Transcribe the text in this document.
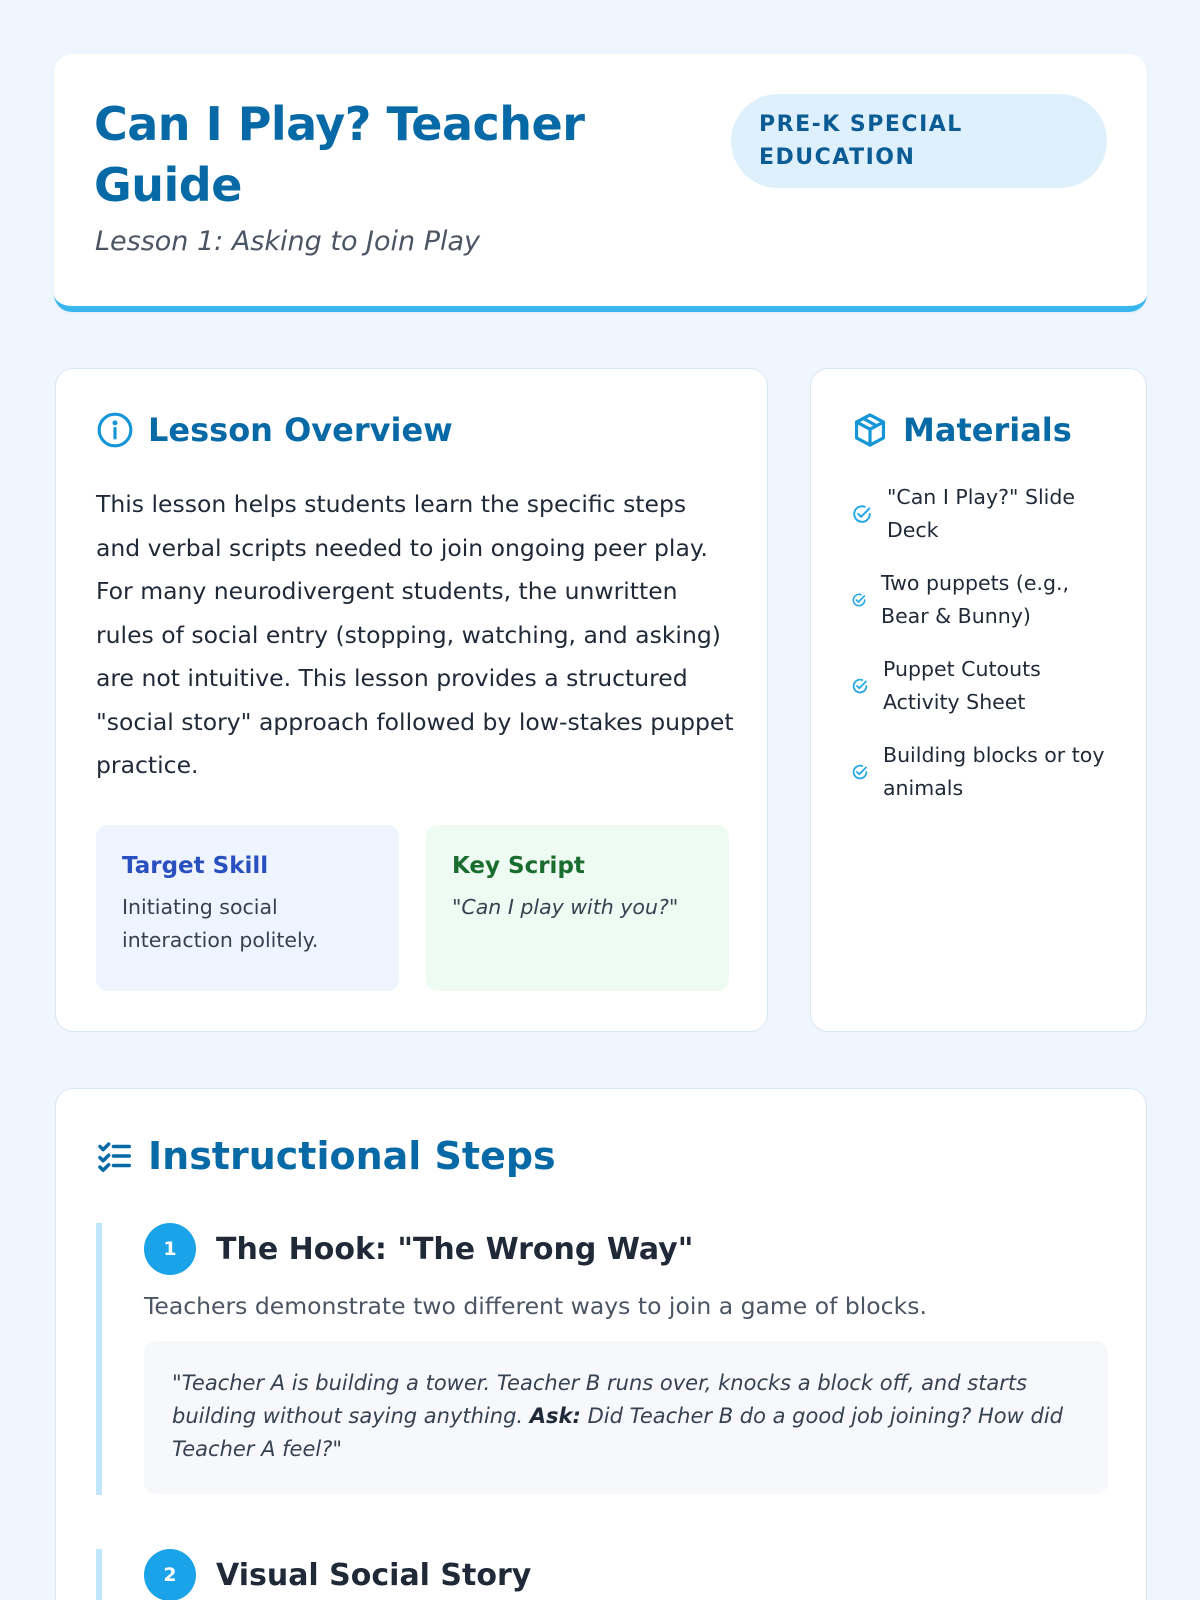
Can I Play? Teacher Guide
Lesson 1: Asking to Join Play
PRE-K SPECIAL EDUCATION
Lesson Overview

This lesson helps students learn the specific steps and verbal scripts needed to join ongoing peer play. For many neurodivergent students, the unwritten rules of social entry (stopping, watching, and asking) are not intuitive. This lesson provides a structured "social story" approach followed by low-stakes puppet practice.

Target Skill
Initiating social interaction politely.
Key Script
"Can I play with you?"
Materials
"Can I Play?" Slide Deck
Two puppets (e.g., Bear & Bunny)
Puppet Cutouts Activity Sheet
Building blocks or toy animals
Instructional Steps
1	The Hook: "The Wrong Way"
Teachers demonstrate two different ways to join a game of blocks.
"Teacher A is building a tower. Teacher B runs over, knocks a block off, and starts building without saying anything. Ask: Did Teacher B do a good job joining? How did Teacher A feel?"
2	Visual Social Story
